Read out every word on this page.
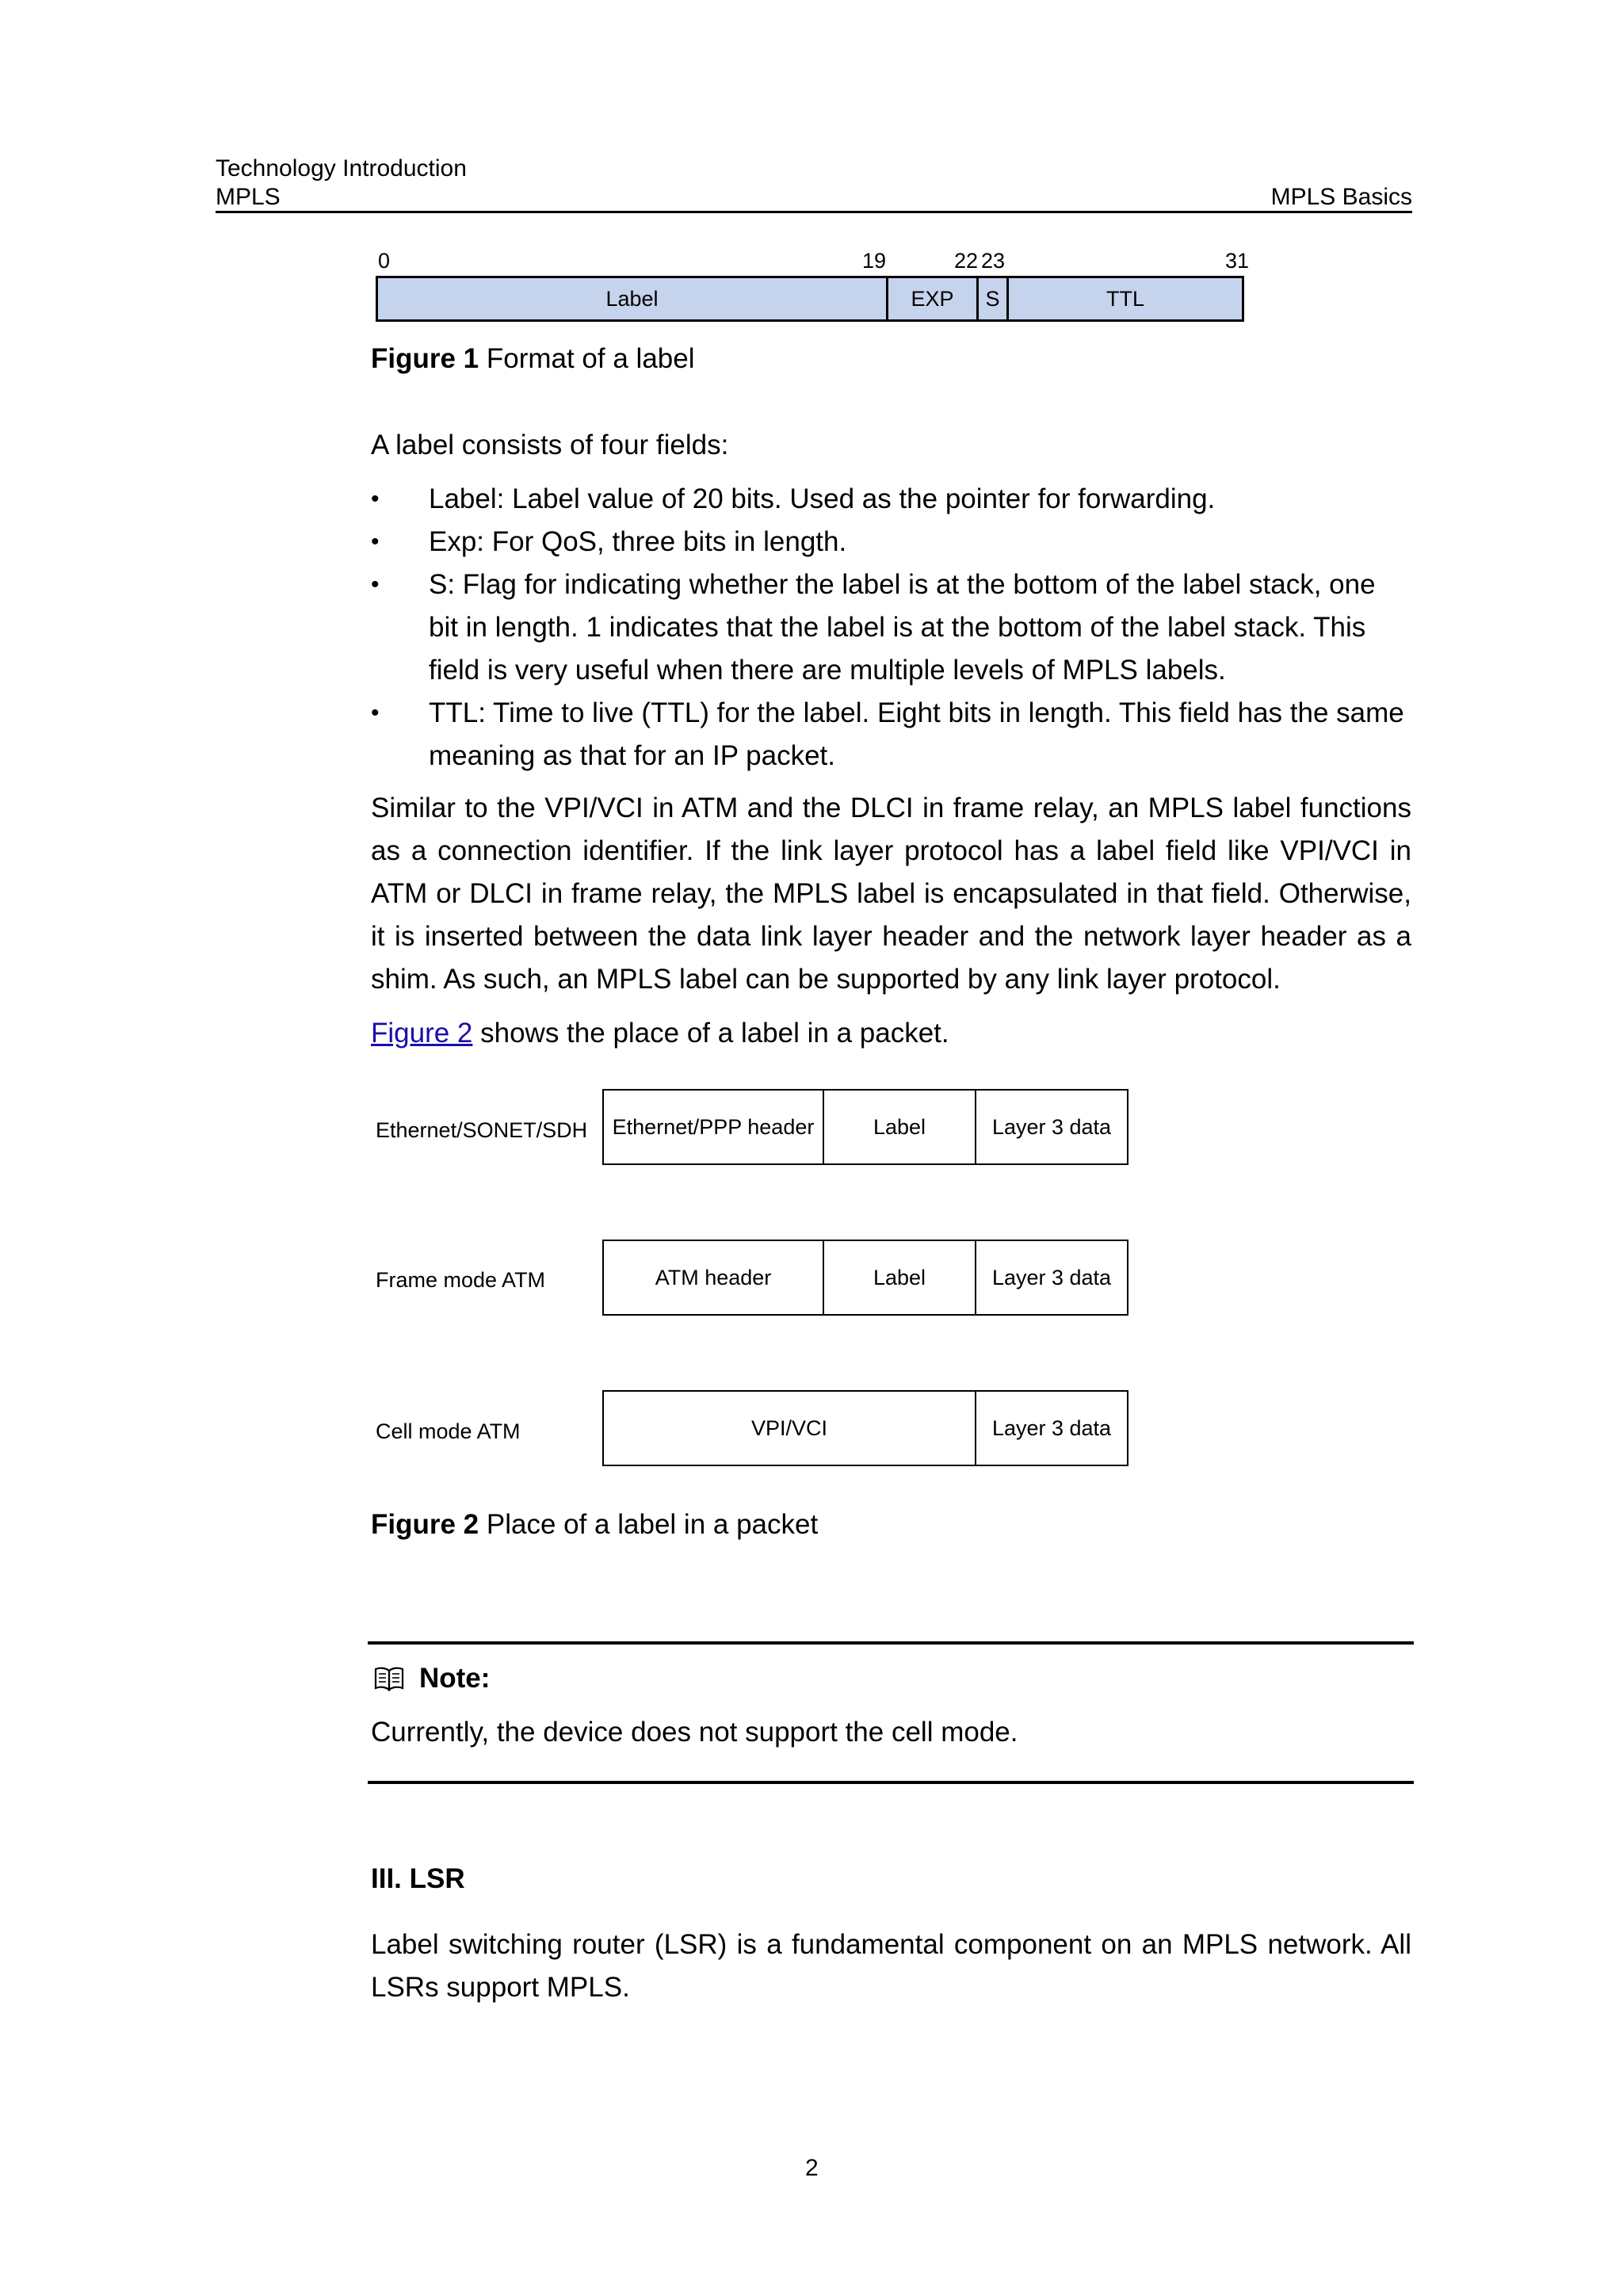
Technology Introduction
MPLS	MPLS Basics
0	19	22 23	31
Label	EXP	S	TTL
Figure 1 Format of a label
A label consists of four fields:
• Label: Label value of 20 bits. Used as the pointer for forwarding.
• Exp: For QoS, three bits in length.
• S: Flag for indicating whether the label is at the bottom of the label stack, one bit in length. 1 indicates that the label is at the bottom of the label stack. This field is very useful when there are multiple levels of MPLS labels.
• TTL: Time to live (TTL) for the label. Eight bits in length. This field has the same meaning as that for an IP packet.
Similar to the VPI/VCI in ATM and the DLCI in frame relay, an MPLS label functions as a connection identifier. If the link layer protocol has a label field like VPI/VCI in ATM or DLCI in frame relay, the MPLS label is encapsulated in that field. Otherwise, it is inserted between the data link layer header and the network layer header as a shim. As such, an MPLS label can be supported by any link layer protocol.
Figure 2 shows the place of a label in a packet.
Ethernet/SONET/SDH	Ethernet/PPP header	Label	Layer 3 data
Frame mode ATM	ATM header	Label	Layer 3 data
Cell mode ATM	VPI/VCI	Layer 3 data
Figure 2 Place of a label in a packet
Note:
Currently, the device does not support the cell mode.
III. LSR
Label switching router (LSR) is a fundamental component on an MPLS network. All LSRs support MPLS.
2
